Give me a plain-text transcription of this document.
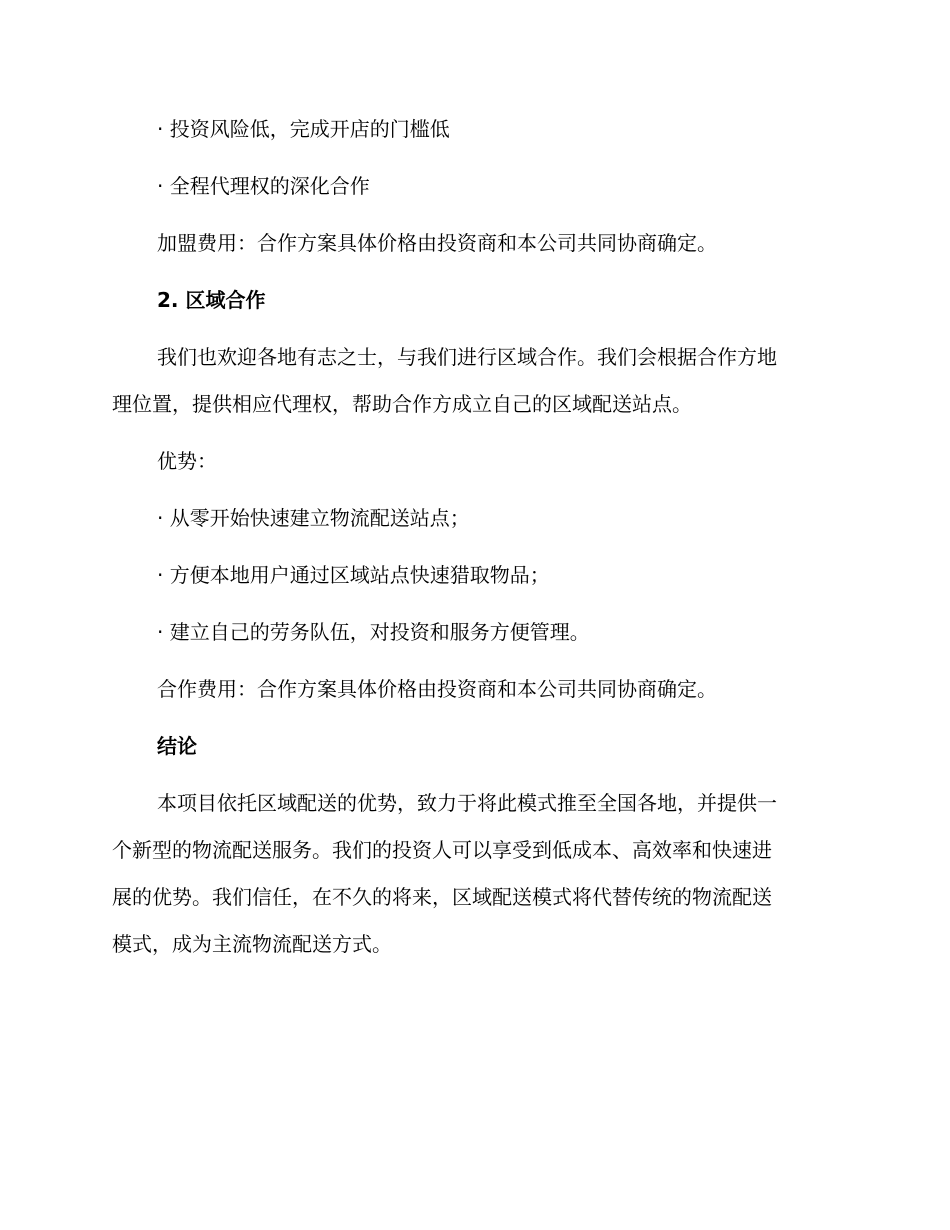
· 投资风险低，完成开店的门槛低
· 全程代理权的深化合作
加盟费用：合作方案具体价格由投资商和本公司共同协商确定。
2. 区域合作
我们也欢迎各地有志之士，与我们进行区域合作。我们会根据合作方地
理位置，提供相应代理权，帮助合作方成立自己的区域配送站点。
优势：
· 从零开始快速建立物流配送站点；
· 方便本地用户通过区域站点快速猎取物品；
· 建立自己的劳务队伍，对投资和服务方便管理。
合作费用：合作方案具体价格由投资商和本公司共同协商确定。
结论
本项目依托区域配送的优势，致力于将此模式推至全国各地，并提供一
个新型的物流配送服务。我们的投资人可以享受到低成本、高效率和快速进
展的优势。我们信任，在不久的将来，区域配送模式将代替传统的物流配送
模式，成为主流物流配送方式。
